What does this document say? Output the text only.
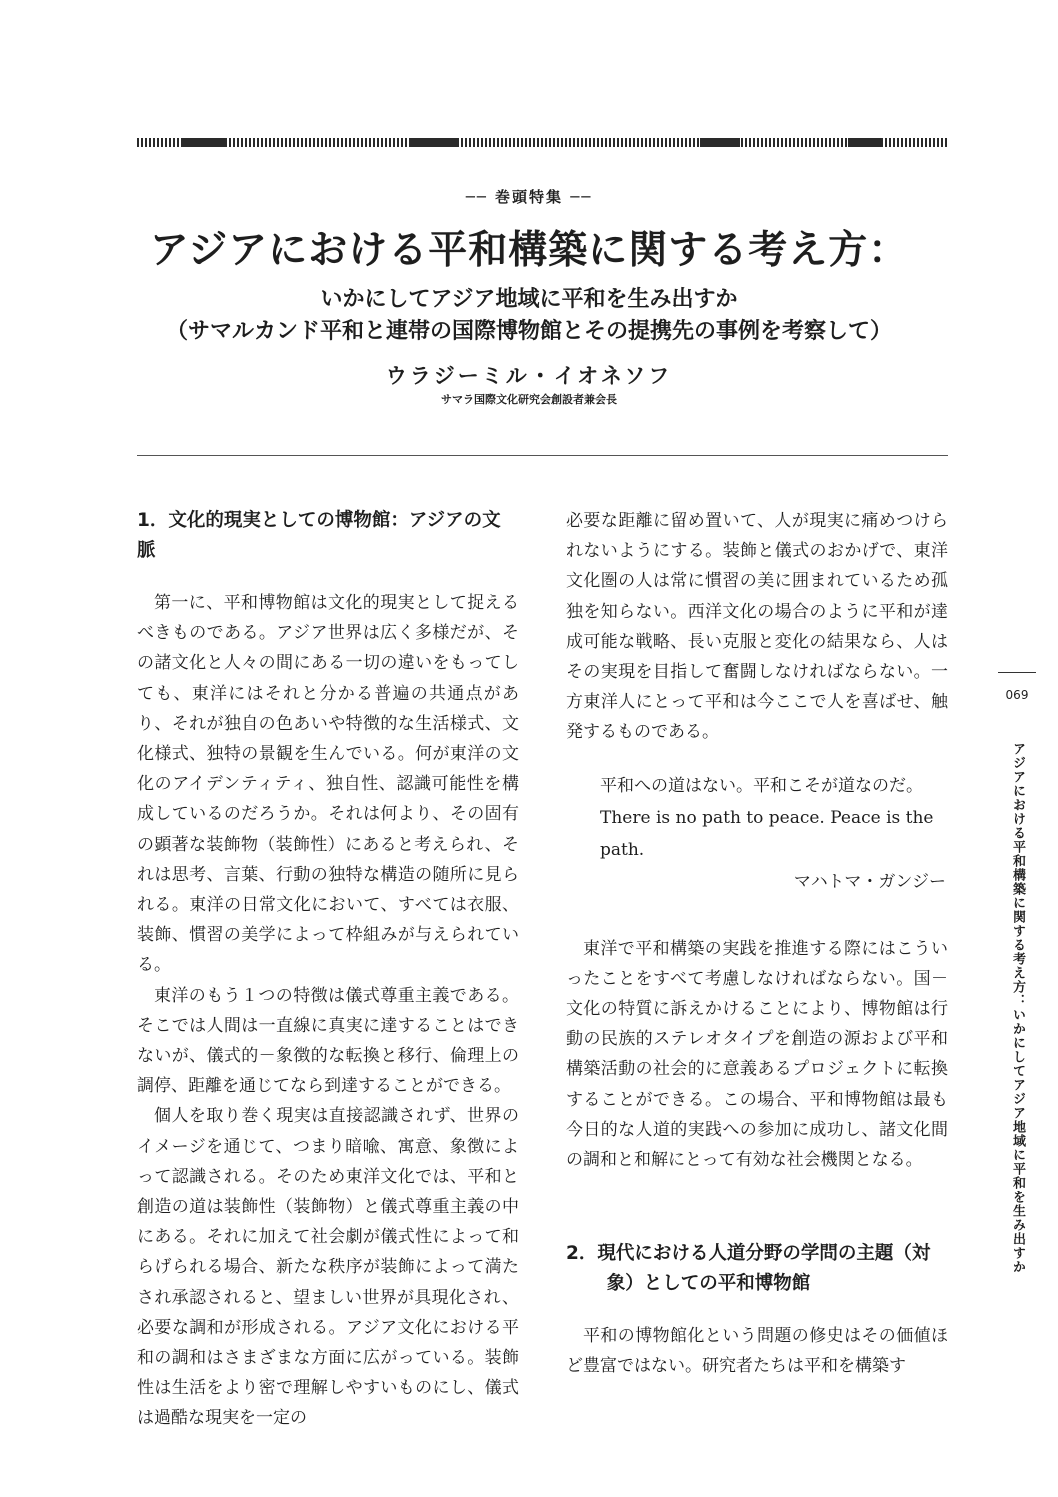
── 巻頭特集 ──
アジアにおける平和構築に関する考え方：
いかにしてアジア地域に平和を生み出すか
（サマルカンド平和と連帯の国際博物館とその提携先の事例を考察して）
ウラジーミル・イオネソフ
サマラ国際文化研究会創設者兼会長
1．文化的現実としての博物館：アジアの文脈

第一に、平和博物館は文化的現実として捉えるべきものである。アジア世界は広く多様だが、その諸文化と人々の間にある一切の違いをもってしても、東洋にはそれと分かる普遍の共通点があり、それが独自の色あいや特徴的な生活様式、文化様式、独特の景観を生んでいる。何が東洋の文化のアイデンティティ、独自性、認識可能性を構成しているのだろうか。それは何より、その固有の顕著な装飾物（装飾性）にあると考えられ、それは思考、言葉、行動の独特な構造の随所に見られる。東洋の日常文化において、すべては衣服、装飾、慣習の美学によって枠組みが与えられている。

東洋のもう１つの特徴は儀式尊重主義である。そこでは人間は一直線に真実に達することはできないが、儀式的－象徴的な転換と移行、倫理上の調停、距離を通じてなら到達することができる。

個人を取り巻く現実は直接認識されず、世界のイメージを通じて、つまり暗喩、寓意、象徴によって認識される。そのため東洋文化では、平和と創造の道は装飾性（装飾物）と儀式尊重主義の中にある。それに加えて社会劇が儀式性によって和らげられる場合、新たな秩序が装飾によって満たされ承認されると、望ましい世界が具現化され、必要な調和が形成される。アジア文化における平和の調和はさまざまな方面に広がっている。装飾性は生活をより密で理解しやすいものにし、儀式は過酷な現実を一定の

必要な距離に留め置いて、人が現実に痛めつけられないようにする。装飾と儀式のおかげで、東洋文化圏の人は常に慣習の美に囲まれているため孤独を知らない。西洋文化の場合のように平和が達成可能な戦略、長い克服と変化の結果なら、人はその実現を目指して奮闘しなければならない。一方東洋人にとって平和は今ここで人を喜ばせ、触発するものである。

平和への道はない。平和こそが道なのだ。
There is no path to peace. Peace is the path.
マハトマ・ガンジー

東洋で平和構築の実践を推進する際にはこういったことをすべて考慮しなければならない。国－文化の特質に訴えかけることにより、博物館は行動の民族的ステレオタイプを創造の源および平和構築活動の社会的に意義あるプロジェクトに転換することができる。この場合、平和博物館は最も今日的な人道的実践への参加に成功し、諸文化間の調和と和解にとって有効な社会機関となる。

2．現代における人道分野の学問の主題（対象）としての平和博物館

平和の博物館化という問題の修史はその価値ほど豊富ではない。研究者たちは平和を構築す

069
アジアにおける平和構築に関する考え方：いかにしてアジア地域に平和を生み出すか
